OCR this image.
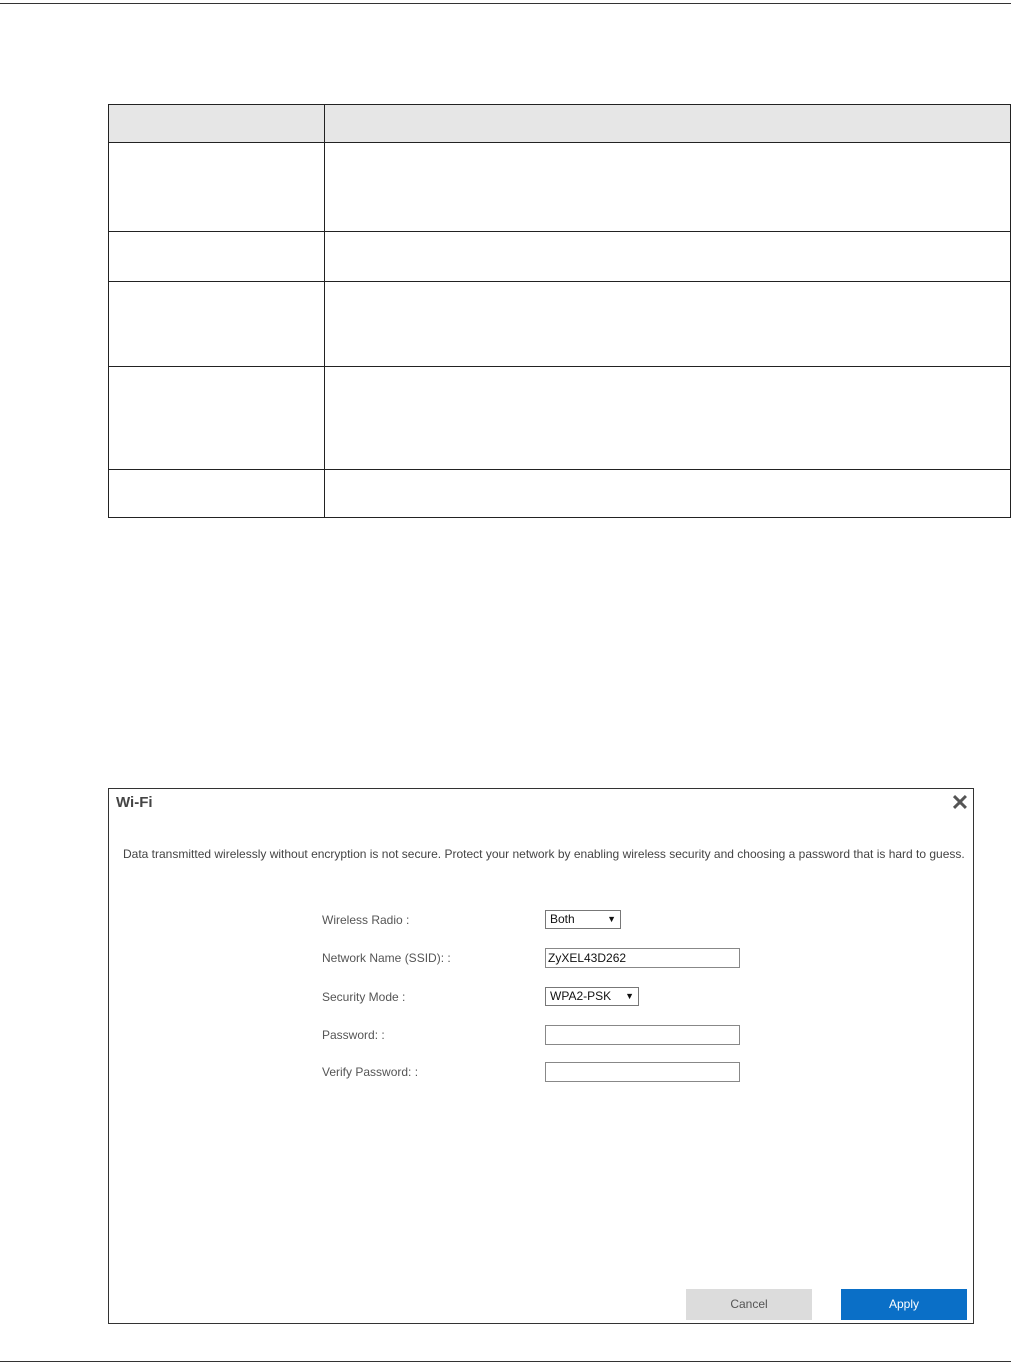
Wi-Fi	✕

Data transmitted wirelessly without encryption is not secure. Protect your network by enabling wireless security and choosing a password that is hard to guess.

Wireless Radio :	Both	▼
Network Name (SSID): :	ZyXEL43D262
Security Mode :	WPA2-PSK ▼
Password: :
Verify Password: :
Cancel	Apply
